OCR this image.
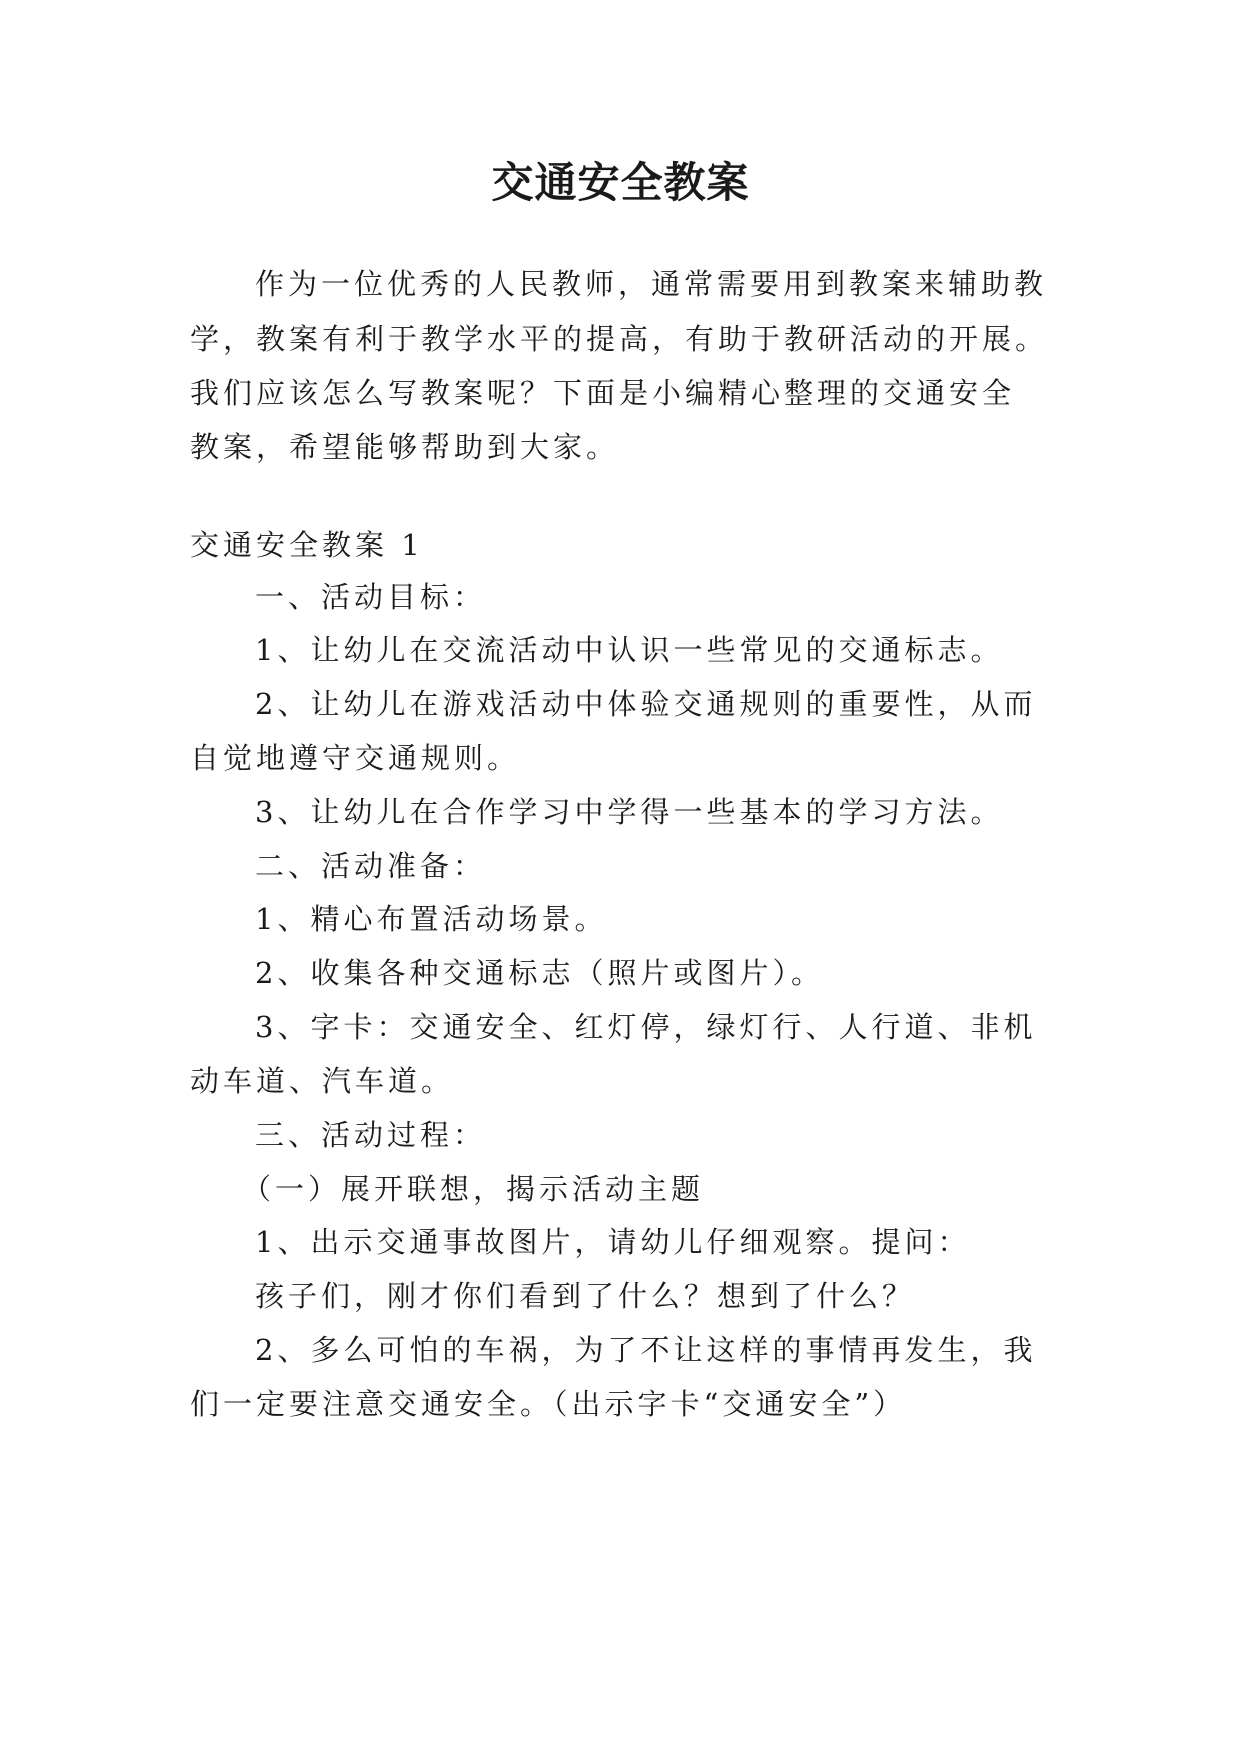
交通安全教案
作为一位优秀的人民教师，通常需要用到教案来辅助教
学，教案有利于教学水平的提高，有助于教研活动的开展。
我们应该怎么写教案呢？下面是小编精心整理的交通安全
教案，希望能够帮助到大家。
交通安全教案 1
一、活动目标：
1、让幼儿在交流活动中认识一些常见的交通标志。
2、让幼儿在游戏活动中体验交通规则的重要性，从而
自觉地遵守交通规则。
3、让幼儿在合作学习中学得一些基本的学习方法。
二、活动准备：
1、精心布置活动场景。
2、收集各种交通标志（照片或图片）。
3、字卡：交通安全、红灯停，绿灯行、人行道、非机
动车道、汽车道。
三、活动过程：
（一）展开联想，揭示活动主题
1、出示交通事故图片，请幼儿仔细观察。提问：
孩子们，刚才你们看到了什么？想到了什么？
2、多么可怕的车祸，为了不让这样的事情再发生，我
们一定要注意交通安全。（出示字卡“交通安全”）
